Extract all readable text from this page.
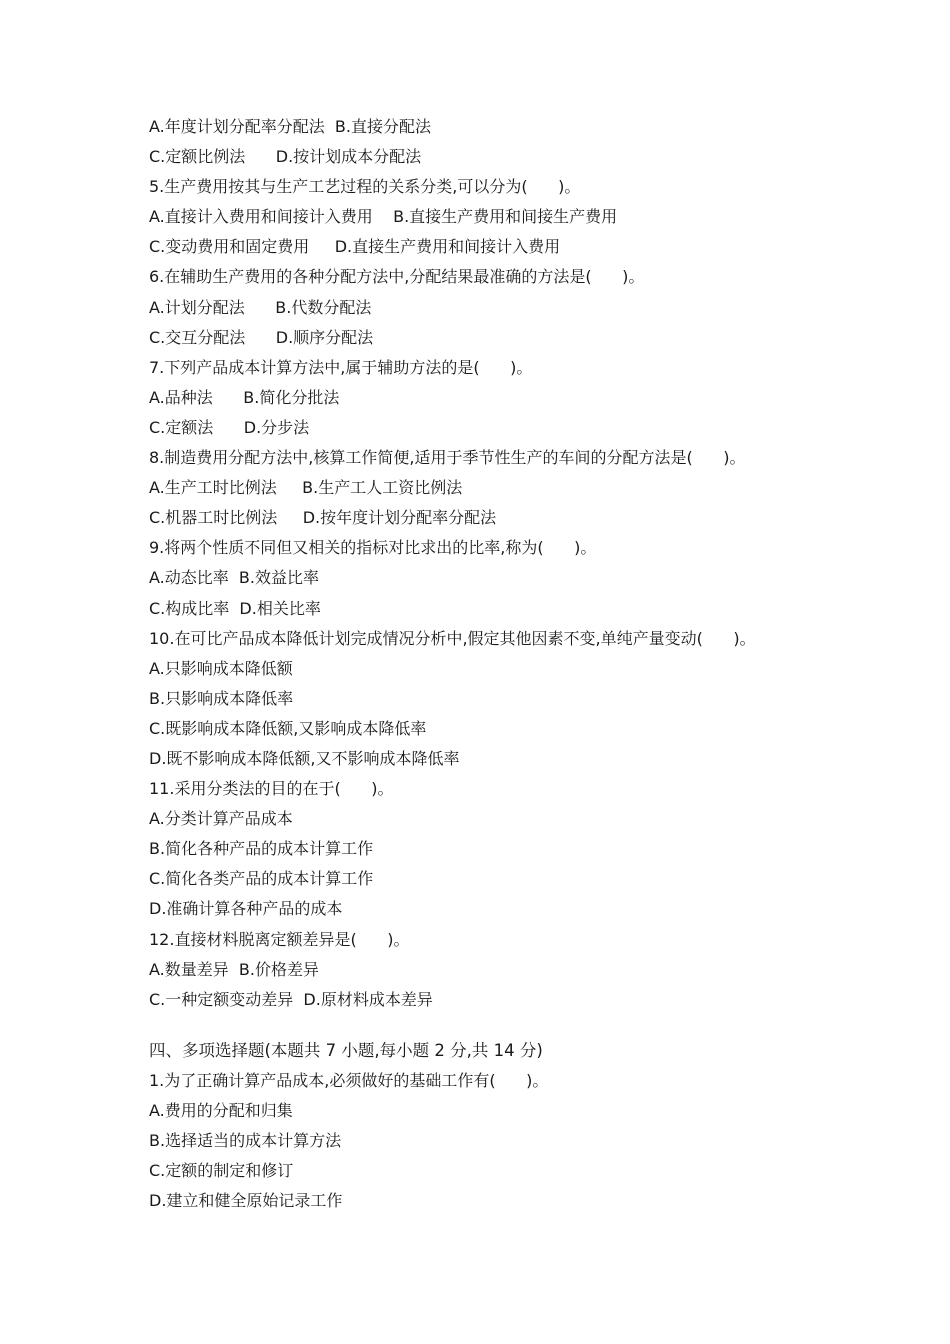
A.年度计划分配率分配法  B.直接分配法
C.定额比例法      D.按计划成本分配法
5.生产费用按其与生产工艺过程的关系分类,可以分为(      )。
A.直接计入费用和间接计入费用    B.直接生产费用和间接生产费用
C.变动费用和固定费用     D.直接生产费用和间接计入费用
6.在辅助生产费用的各种分配方法中,分配结果最准确的方法是(      )。
A.计划分配法      B.代数分配法
C.交互分配法      D.顺序分配法
7.下列产品成本计算方法中,属于辅助方法的是(      )。
A.品种法      B.简化分批法
C.定额法      D.分步法
8.制造费用分配方法中,核算工作简便,适用于季节性生产的车间的分配方法是(      )。
A.生产工时比例法     B.生产工人工资比例法
C.机器工时比例法     D.按年度计划分配率分配法
9.将两个性质不同但又相关的指标对比求出的比率,称为(      )。
A.动态比率  B.效益比率
C.构成比率  D.相关比率
10.在可比产品成本降低计划完成情况分析中,假定其他因素不变,单纯产量变动(      )。
A.只影响成本降低额
B.只影响成本降低率
C.既影响成本降低额,又影响成本降低率
D.既不影响成本降低额,又不影响成本降低率
11.采用分类法的目的在于(      )。
A.分类计算产品成本
B.简化各种产品的成本计算工作
C.简化各类产品的成本计算工作
D.准确计算各种产品的成本
12.直接材料脱离定额差异是(      )。
A.数量差异  B.价格差异
C.一种定额变动差异  D.原材料成本差异
四、多项选择题(本题共 7 小题,每小题 2 分,共 14 分)
1.为了正确计算产品成本,必须做好的基础工作有(      )。
A.费用的分配和归集
B.选择适当的成本计算方法
C.定额的制定和修订
D.建立和健全原始记录工作
